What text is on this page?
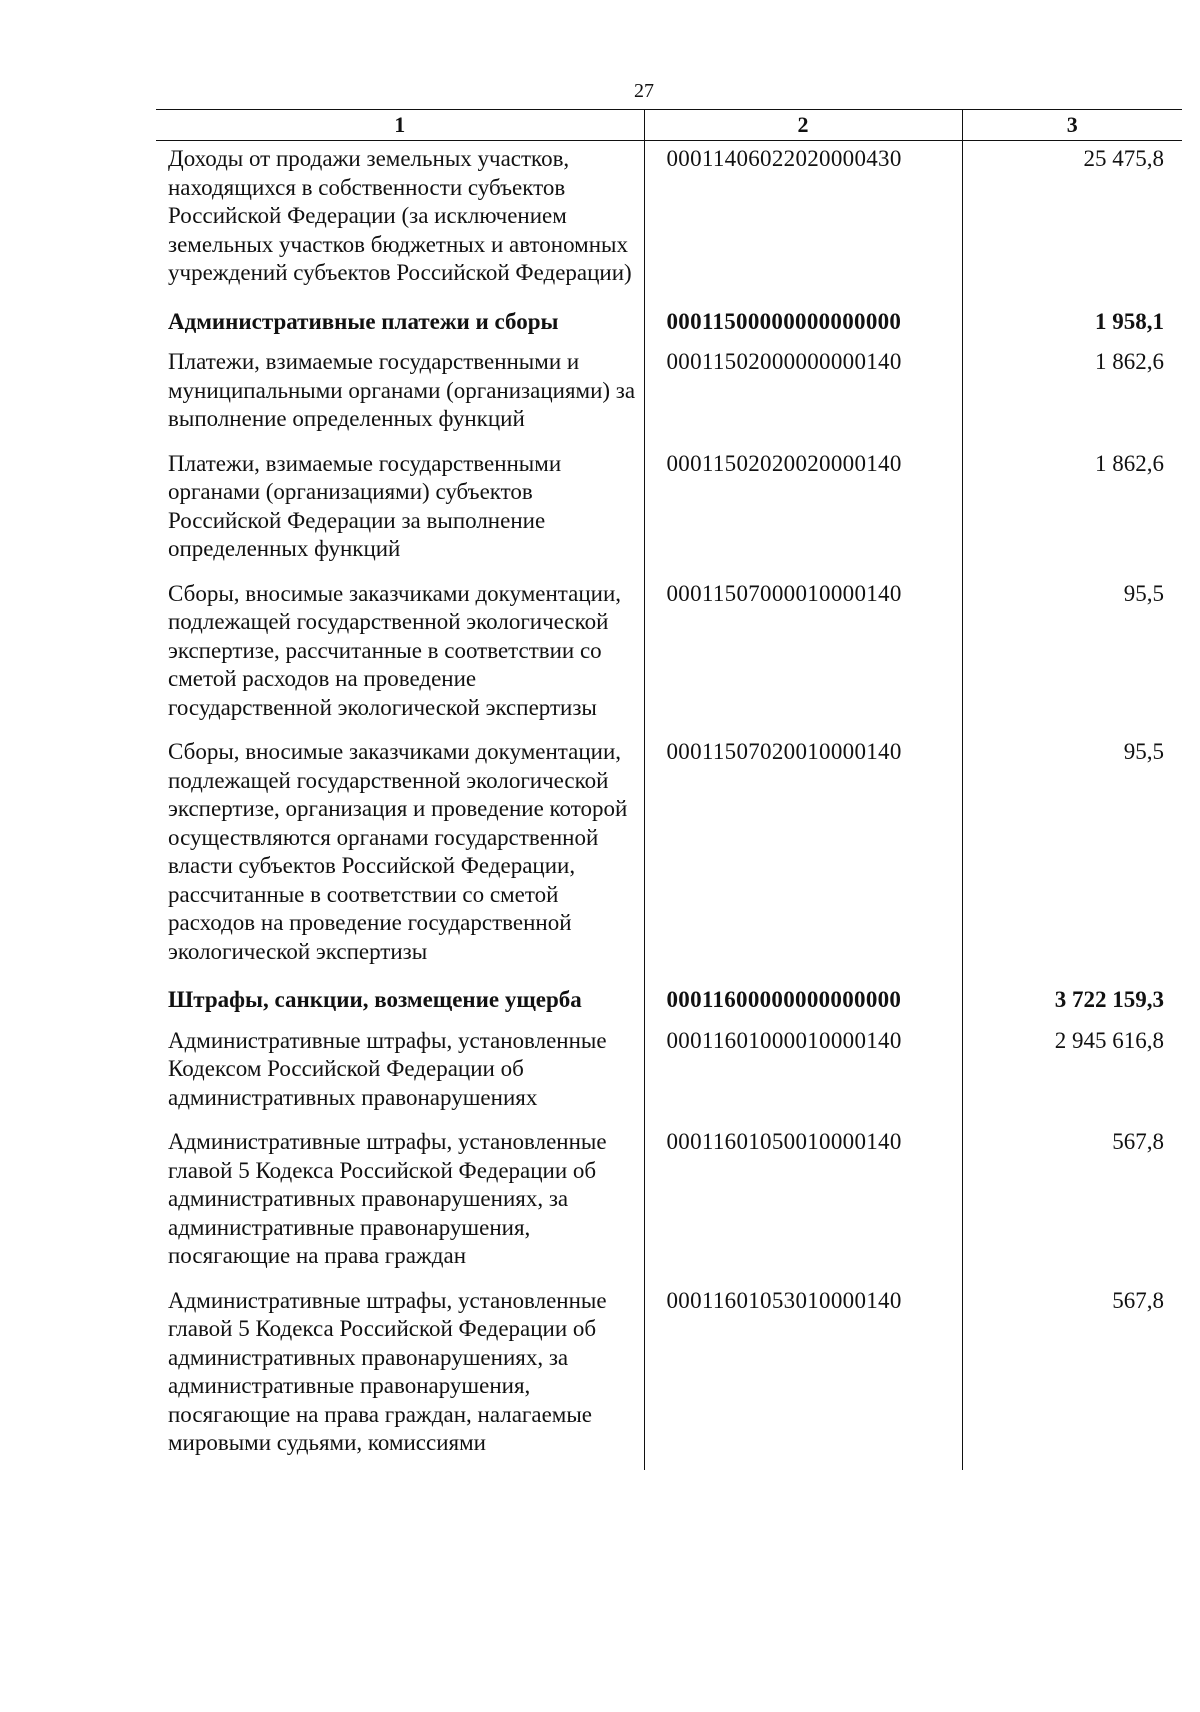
27
1	2	3
Доходы от продажи земельных участков, находящихся в собственности субъектов Российской Федерации (за исключением земельных участков бюджетных и автономных учреждений субъектов Российской Федерации)	00011406022020000430	25 475,8
Административные платежи и сборы	00011500000000000000	1 958,1
Платежи, взимаемые государственными и муниципальными органами (организациями) за выполнение определенных функций	00011502000000000140	1 862,6
Платежи, взимаемые государственными органами (организациями) субъектов Российской Федерации за выполнение определенных функций	00011502020020000140	1 862,6
Сборы, вносимые заказчиками документации, подлежащей государственной экологической экспертизе, рассчитанные в соответствии со сметой расходов на проведение государственной экологической экспертизы	00011507000010000140	95,5
Сборы, вносимые заказчиками документации, подлежащей государственной экологической экспертизе, организация и проведение которой осуществляются органами государственной власти субъектов Российской Федерации, рассчитанные в соответствии со сметой расходов на проведение государственной экологической экспертизы	00011507020010000140	95,5
Штрафы, санкции, возмещение ущерба	00011600000000000000	3 722 159,3
Административные штрафы, установленные Кодексом Российской Федерации об административных правонарушениях	00011601000010000140	2 945 616,8
Административные штрафы, установленные главой 5 Кодекса Российской Федерации об административных правонарушениях, за административные правонарушения, посягающие на права граждан	00011601050010000140	567,8
Административные штрафы, установленные главой 5 Кодекса Российской Федерации об административных правонарушениях, за административные правонарушения, посягающие на права граждан, налагаемые мировыми судьями, комиссиями	00011601053010000140	567,8
